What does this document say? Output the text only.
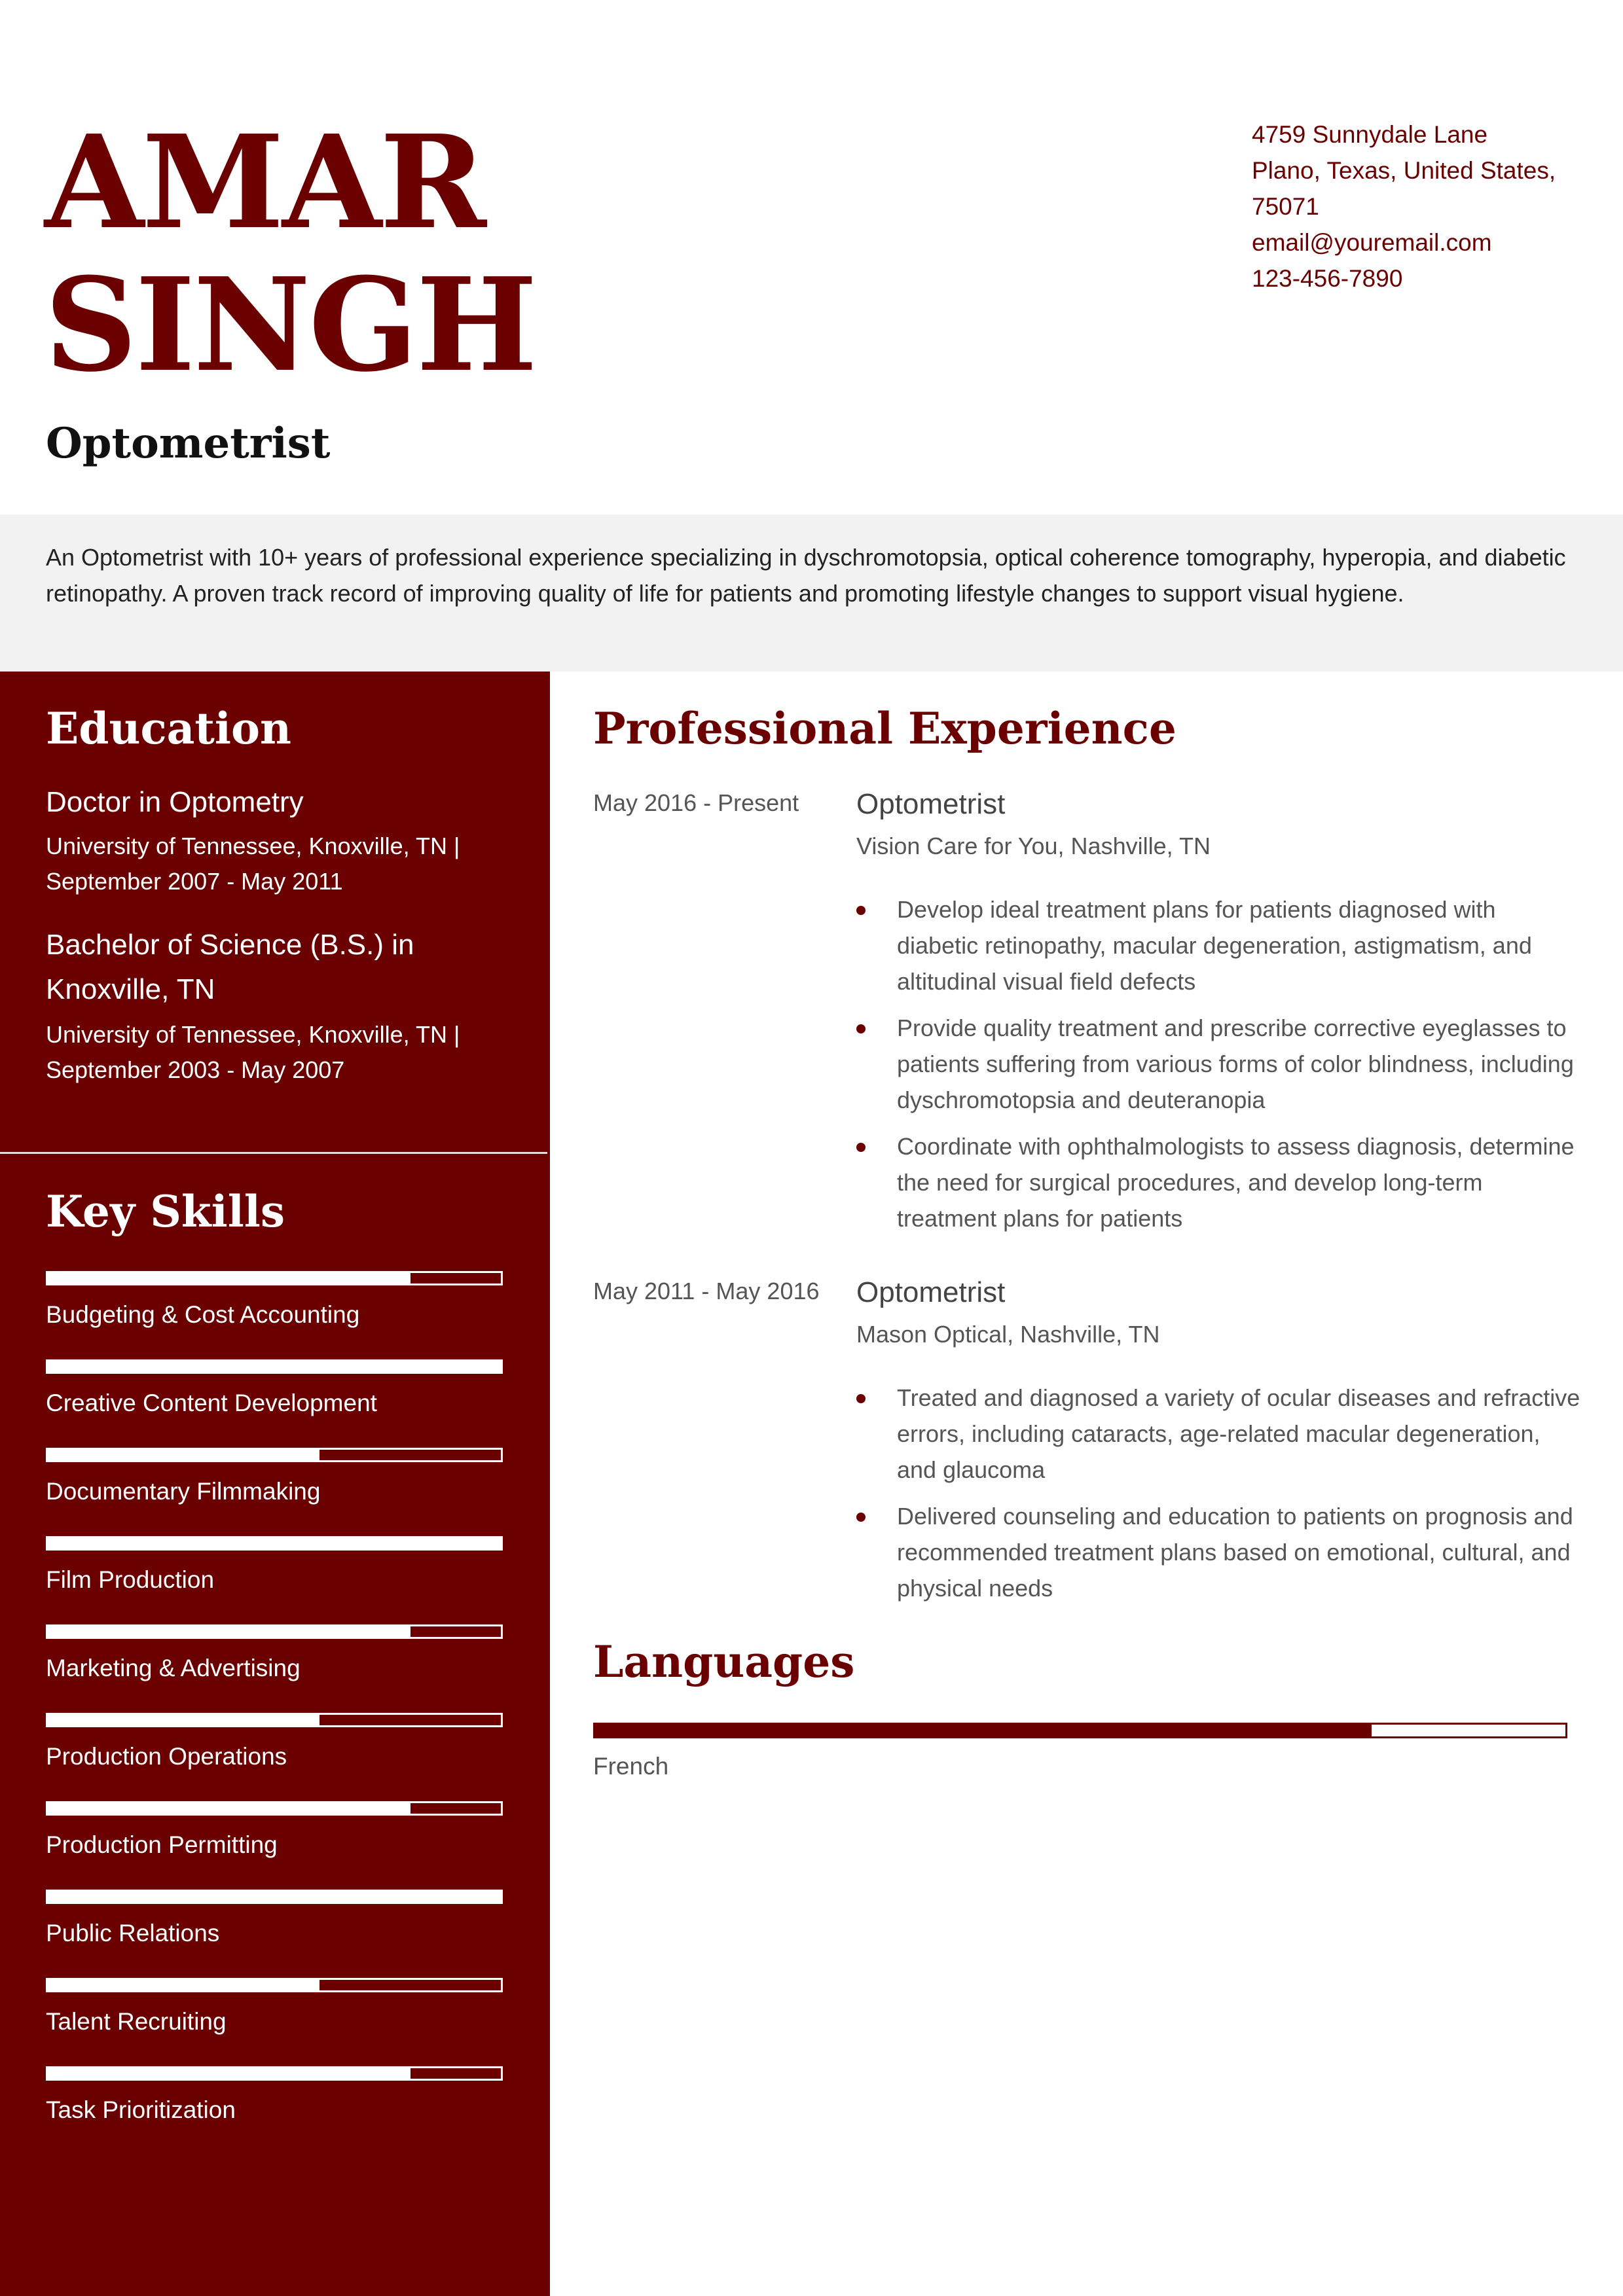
AMAR
SINGH
Optometrist
4759 Sunnydale Lane
Plano, Texas, United States, 75071
email@youremail.com
123-456-7890
An Optometrist with 10+ years of professional experience specializing in dyschromotopsia, optical coherence tomography, hyperopia, and diabetic retinopathy. A proven track record of improving quality of life for patients and promoting lifestyle changes to support visual hygiene.
Education
Doctor in Optometry
University of Tennessee, Knoxville, TN | September 2007 - May 2011
Bachelor of Science (B.S.) in Knoxville, TN
University of Tennessee, Knoxville, TN | September 2003 - May 2007
Key Skills
Budgeting & Cost Accounting
Creative Content Development
Documentary Filmmaking
Film Production
Marketing & Advertising
Production Operations
Production Permitting
Public Relations
Talent Recruiting
Task Prioritization
Professional Experience
May 2016 - Present	Optometrist
Vision Care for You, Nashville, TN
Develop ideal treatment plans for patients diagnosed with diabetic retinopathy, macular degeneration, astigmatism, and altitudinal visual field defects
Provide quality treatment and prescribe corrective eyeglasses to patients suffering from various forms of color blindness, including dyschromotopsia and deuteranopia
Coordinate with ophthalmologists to assess diagnosis, determine the need for surgical procedures, and develop long-term treatment plans for patients
May 2011 - May 2016	Optometrist
Mason Optical, Nashville, TN
Treated and diagnosed a variety of ocular diseases and refractive errors, including cataracts, age-related macular degeneration, and glaucoma
Delivered counseling and education to patients on prognosis and recommended treatment plans based on emotional, cultural, and physical needs
Languages
French
